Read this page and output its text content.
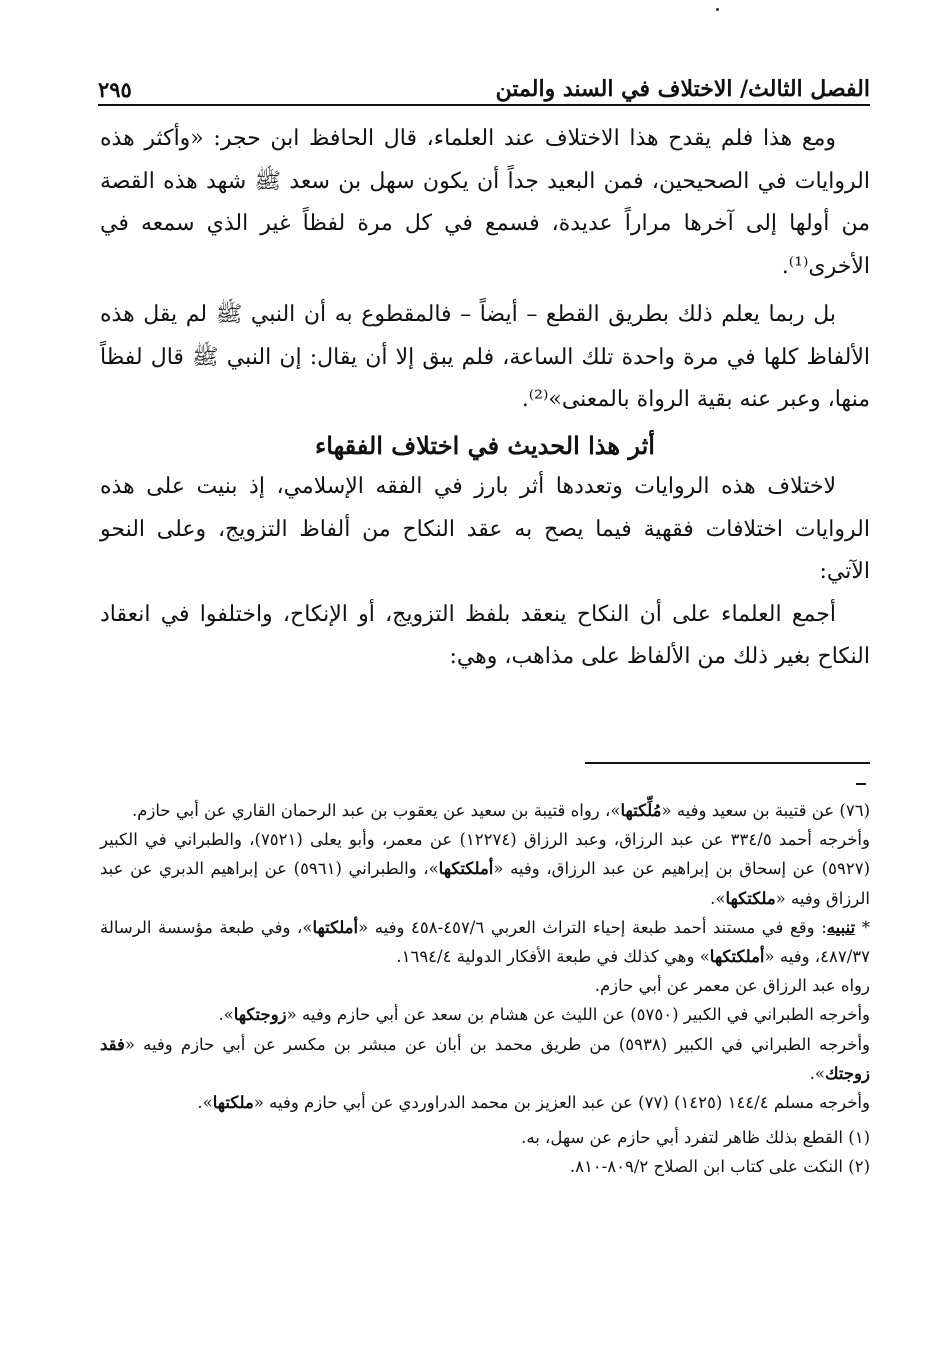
الفصل الثالث/ الاختلاف في السند والمتن
٢٩٥

ومع هذا فلم يقدح هذا الاختلاف عند العلماء، قال الحافظ ابن حجر: «وأكثر هذه الروايات في الصحيحين، فمن البعيد جداً أن يكون سهل بن سعد ﷺ شهد هذه القصة من أولها إلى آخرها مراراً عديدة، فسمع في كل مرة لفظاً غير الذي سمعه في الأخرى⁽¹⁾.

بل ربما يعلم ذلك بطريق القطع – أيضاً – فالمقطوع به أن النبي ﷺ لم يقل هذه الألفاظ كلها في مرة واحدة تلك الساعة، فلم يبق إلا أن يقال: إن النبي ﷺ قال لفظاً منها، وعبر عنه بقية الرواة بالمعنى»⁽²⁾.

أثر هذا الحديث في اختلاف الفقهاء

لاختلاف هذه الروايات وتعددها أثر بارز في الفقه الإسلامي، إذ بنيت على هذه الروايات اختلافات فقهية فيما يصح به عقد النكاح من ألفاظ التزويج، وعلى النحو الآتي:

أجمع العلماء على أن النكاح ينعقد بلفظ التزويج، أو الإنكاح، واختلفوا في انعقاد النكاح بغير ذلك من الألفاظ على مذاهب، وهي:

(٧٦) عن قتيبة بن سعيد وفيه «مُلِّكتها»، رواه قتيبة بن سعيد عن يعقوب بن عبد الرحمان القاري عن أبي حازم.

وأخرجه أحمد ٣٣٤/٥ عن عبد الرزاق، وعبد الرزاق (١٢٢٧٤) عن معمر، وأبو يعلى (٧٥٢١)، والطبراني في الكبير (٥٩٢٧) عن إسحاق بن إبراهيم عن عبد الرزاق، وفيه «أملكتكها»، والطبراني (٥٩٦١) عن إبراهيم الدبري عن عبد الرزاق وفيه «ملكتكها».

* تنبيه: وقع في مستند أحمد طبعة إحياء التراث العربي ٤٥٧/٦-٤٥٨ وفيه «أملكتها»، وفي طبعة مؤسسة الرسالة ٤٨٧/٣٧، وفيه «أملكتكها» وهي كذلك في طبعة الأفكار الدولية ١٦٩٤/٤.

رواه عبد الرزاق عن معمر عن أبي حازم.

وأخرجه الطبراني في الكبير (٥٧٥٠) عن الليث عن هشام بن سعد عن أبي حازم وفيه «زوجتكها».

وأخرجه الطبراني في الكبير (٥٩٣٨) من طريق محمد بن أبان عن مبشر بن مكسر عن أبي حازم وفيه «فقد زوجتك».

وأخرجه مسلم ١٤٤/٤ (١٤٢٥) (٧٧) عن عبد العزيز بن محمد الدراوردي عن أبي حازم وفيه «ملكتها».

(١) القطع بذلك ظاهر لتفرد أبي حازم عن سهل، به.

(٢) النكت على كتاب ابن الصلاح ٨٠٩/٢-٨١٠.
